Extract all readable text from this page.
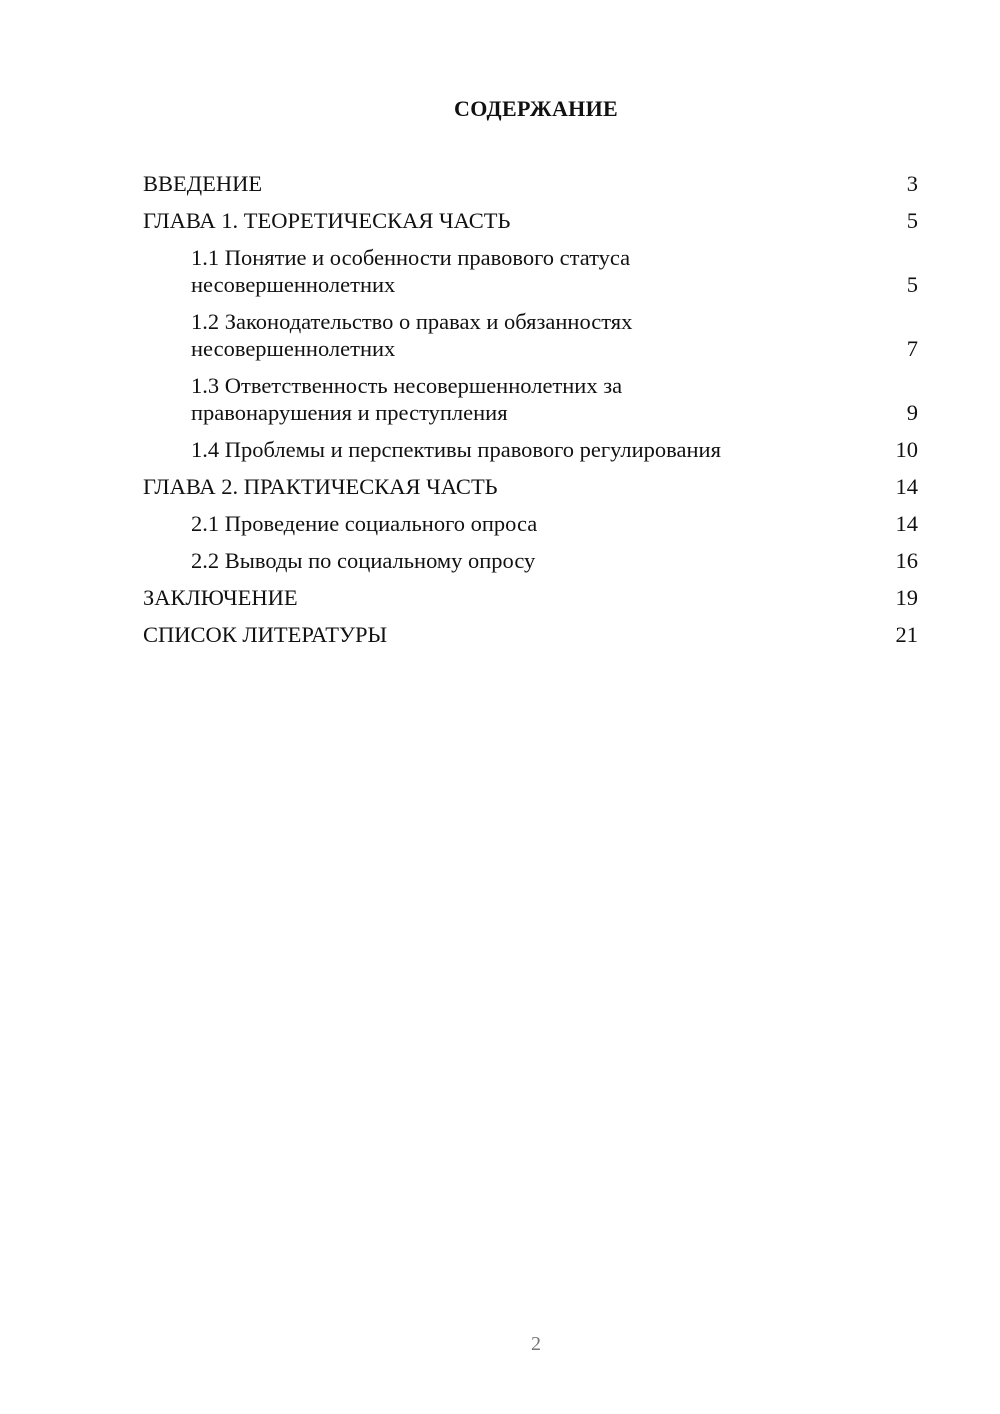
СОДЕРЖАНИЕ
ВВЕДЕНИЕ	3
ГЛАВА 1. ТЕОРЕТИЧЕСКАЯ ЧАСТЬ	5
1.1 Понятие и особенности правового статуса несовершеннолетних	5
1.2 Законодательство о правах и обязанностях несовершеннолетних	7
1.3 Ответственность несовершеннолетних за правонарушения и преступления	9
1.4 Проблемы и перспективы правового регулирования	10
ГЛАВА 2. ПРАКТИЧЕСКАЯ ЧАСТЬ	14
2.1 Проведение социального опроса	14
2.2 Выводы по социальному опросу	16
ЗАКЛЮЧЕНИЕ	19
СПИСОК ЛИТЕРАТУРЫ	21
2
